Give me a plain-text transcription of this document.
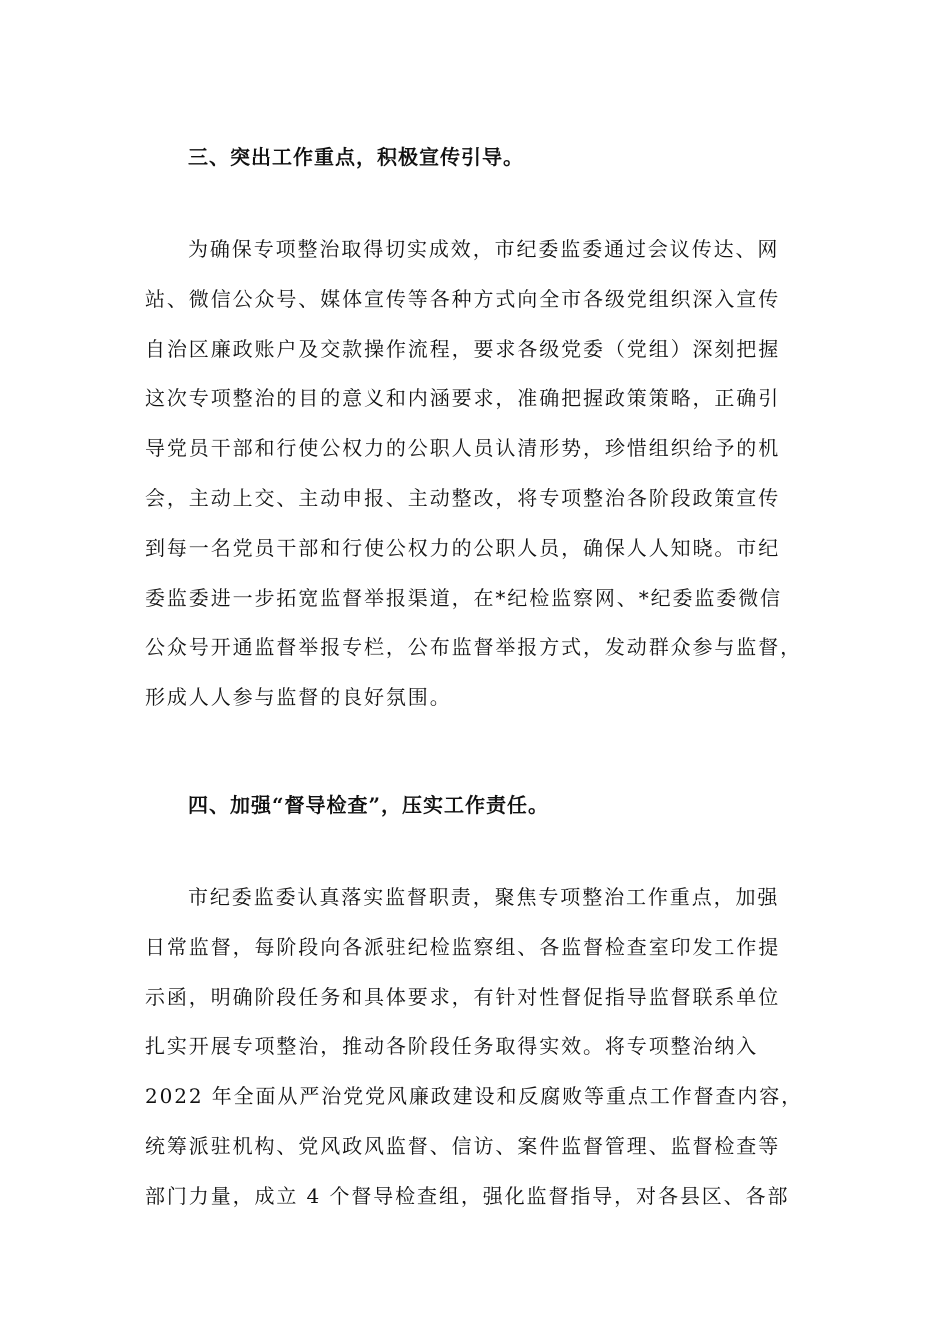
三、突出工作重点，积极宣传引导。
为确保专项整治取得切实成效，市纪委监委通过会议传达、网
站、微信公众号、媒体宣传等各种方式向全市各级党组织深入宣传
自治区廉政账户及交款操作流程，要求各级党委（党组）深刻把握
这次专项整治的目的意义和内涵要求，准确把握政策策略，正确引
导党员干部和行使公权力的公职人员认清形势，珍惜组织给予的机
会，主动上交、主动申报、主动整改，将专项整治各阶段政策宣传
到每一名党员干部和行使公权力的公职人员，确保人人知晓。市纪
委监委进一步拓宽监督举报渠道，在*纪检监察网、*纪委监委微信
公众号开通监督举报专栏，公布监督举报方式，发动群众参与监督，
形成人人参与监督的良好氛围。
四、加强“督导检查”，压实工作责任。
市纪委监委认真落实监督职责，聚焦专项整治工作重点，加强
日常监督，每阶段向各派驻纪检监察组、各监督检查室印发工作提
示函，明确阶段任务和具体要求，有针对性督促指导监督联系单位
扎实开展专项整治，推动各阶段任务取得实效。将专项整治纳入
2022 年全面从严治党党风廉政建设和反腐败等重点工作督查内容，
统筹派驻机构、党风政风监督、信访、案件监督管理、监督检查等
部门力量，成立 4 个督导检查组，强化监督指导，对各县区、各部
